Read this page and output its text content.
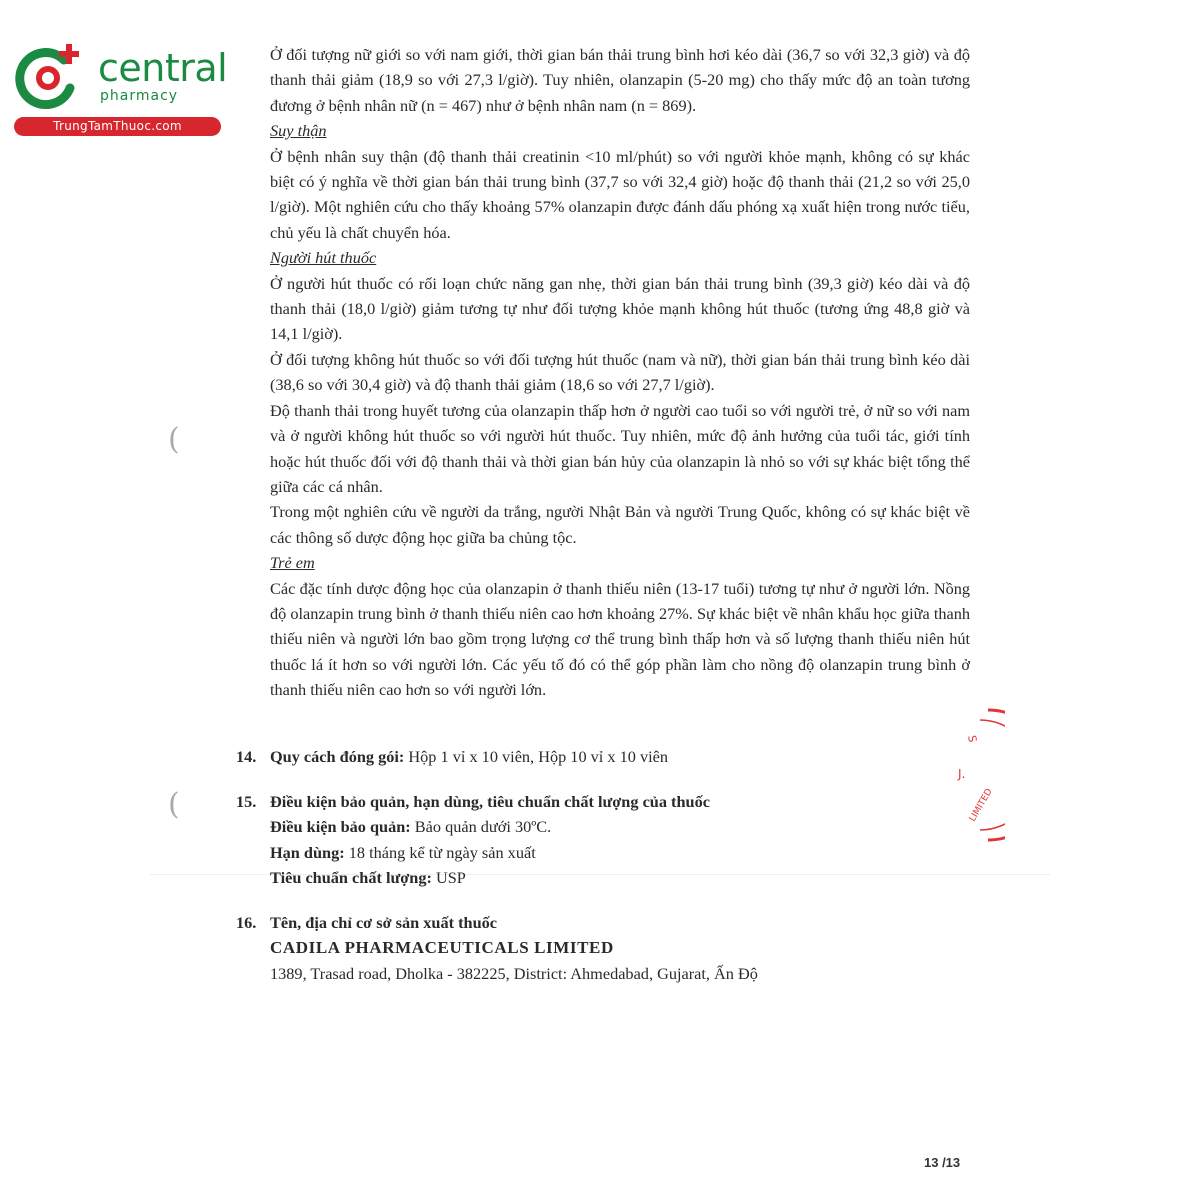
central
pharmacy
TrungTamThuoc.com
(
(

Ở đối tượng nữ giới so với nam giới, thời gian bán thải trung bình hơi kéo dài (36,7 so với 32,3 giờ) và độ thanh thải giảm (18,9 so với 27,3 l/giờ). Tuy nhiên, olanzapin (5-20 mg) cho thấy mức độ an toàn tương đương ở bệnh nhân nữ (n = 467) như ở bệnh nhân nam (n = 869).

Suy thận

Ở bệnh nhân suy thận (độ thanh thải creatinin <10 ml/phút) so với người khỏe mạnh, không có sự khác biệt có ý nghĩa về thời gian bán thải trung bình (37,7 so với 32,4 giờ) hoặc độ thanh thải (21,2 so với 25,0 l/giờ). Một nghiên cứu cho thấy khoảng 57% olanzapin được đánh dấu phóng xạ xuất hiện trong nước tiểu, chủ yếu là chất chuyển hóa.

Người hút thuốc

Ở người hút thuốc có rối loạn chức năng gan nhẹ, thời gian bán thải trung bình (39,3 giờ) kéo dài và độ thanh thải (18,0 l/giờ) giảm tương tự như đối tượng khỏe mạnh không hút thuốc (tương ứng 48,8 giờ và 14,1 l/giờ).

Ở đối tượng không hút thuốc so với đối tượng hút thuốc (nam và nữ), thời gian bán thải trung bình kéo dài (38,6 so với 30,4 giờ) và độ thanh thải giảm (18,6 so với 27,7 l/giờ).

Độ thanh thải trong huyết tương của olanzapin thấp hơn ở người cao tuổi so với người trẻ, ở nữ so với nam và ở người không hút thuốc so với người hút thuốc. Tuy nhiên, mức độ ảnh hưởng của tuổi tác, giới tính hoặc hút thuốc đối với độ thanh thải và thời gian bán hủy của olanzapin là nhỏ so với sự khác biệt tổng thể giữa các cá nhân.

Trong một nghiên cứu về người da trắng, người Nhật Bản và người Trung Quốc, không có sự khác biệt về các thông số dược động học giữa ba chủng tộc.

Trẻ em

Các đặc tính dược động học của olanzapin ở thanh thiếu niên (13-17 tuổi) tương tự như ở người lớn. Nồng độ olanzapin trung bình ở thanh thiếu niên cao hơn khoảng 27%. Sự khác biệt về nhân khẩu học giữa thanh thiếu niên và người lớn bao gồm trọng lượng cơ thể trung bình thấp hơn và số lượng thanh thiếu niên hút thuốc lá ít hơn so với người lớn. Các yếu tố đó có thể góp phần làm cho nồng độ olanzapin trung bình ở thanh thiếu niên cao hơn so với người lớn.

14. Quy cách đóng gói: Hộp 1 vỉ x 10 viên, Hộp 10 vỉ x 10 viên
15. Điều kiện bảo quản, hạn dùng, tiêu chuẩn chất lượng của thuốc
Điều kiện bảo quản: Bảo quản dưới 30ºC.
Hạn dùng: 18 tháng kể từ ngày sản xuất
Tiêu chuẩn chất lượng: USP
16. Tên, địa chỉ cơ sở sản xuất thuốc
CADILA PHARMACEUTICALS LIMITED
1389, Trasad road, Dholka - 382225, District: Ahmedabad, Gujarat, Ấn Độ
LIMITED
S
J.
13 /13
